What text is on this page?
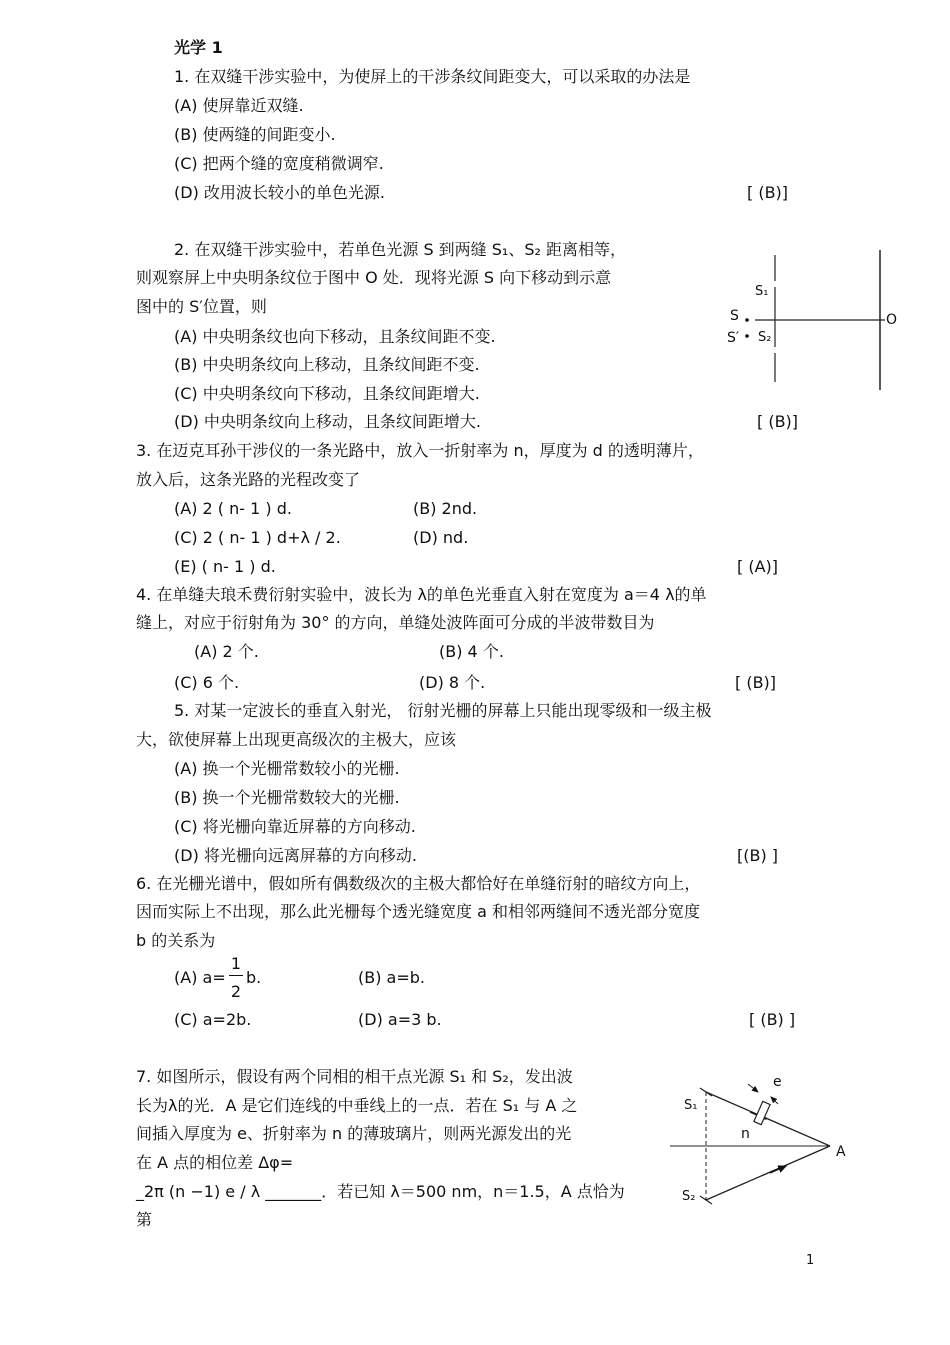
光学 1
1. 在双缝干涉实验中，为使屏上的干涉条纹间距变大，可以采取的办法是
(A) 使屏靠近双缝.
(B) 使两缝的间距变小.
(C) 把两个缝的宽度稍微调窄.
(D) 改用波长较小的单色光源.	[ (B)]
2. 在双缝干涉实验中，若单色光源 S 到两缝 S₁、S₂ 距离相等，
则观察屏上中央明条纹位于图中 O 处．现将光源 S 向下移动到示意
图中的 S′位置，则
(A) 中央明条纹也向下移动，且条纹间距不变.
(B) 中央明条纹向上移动，且条纹间距不变.
(C) 中央明条纹向下移动，且条纹间距增大.
(D) 中央明条纹向上移动，且条纹间距增大.	[ (B)]
S₁
S
S′ S₂
O
3. 在迈克耳孙干涉仪的一条光路中，放入一折射率为 n，厚度为 d 的透明薄片，
放入后，这条光路的光程改变了
(A) 2 ( n- 1 ) d.	(B) 2nd.
(C) 2 ( n- 1 ) d+λ / 2.	(D) nd.
(E) ( n- 1 ) d.	[ (A)]
4. 在单缝夫琅禾费衍射实验中，波长为 λ的单色光垂直入射在宽度为 a＝4 λ的单
缝上，对应于衍射角为 30° 的方向，单缝处波阵面可分成的半波带数目为
(A) 2 个.	(B) 4 个.
(C) 6 个.	(D) 8 个.	[ (B)]
5. 对某一定波长的垂直入射光， 衍射光栅的屏幕上只能出现零级和一级主极
大，欲使屏幕上出现更高级次的主极大，应该
(A) 换一个光栅常数较小的光栅.
(B) 换一个光栅常数较大的光栅.
(C) 将光栅向靠近屏幕的方向移动.
(D) 将光栅向远离屏幕的方向移动.	[(B) ]
6. 在光栅光谱中，假如所有偶数级次的主极大都恰好在单缝衍射的暗纹方向上，
因而实际上不出现，那么此光栅每个透光缝宽度 a 和相邻两缝间不透光部分宽度
b 的关系为
(A) a=
1
2
b.	(B) a=b.
(C) a=2b.	(D) a=3 b.	[ (B) ]
7. 如图所示，假设有两个同相的相干点光源 S₁ 和 S₂，发出波
长为λ的光．A 是它们连线的中垂线上的一点．若在 S₁ 与 A 之
间插入厚度为 e、折射率为 n 的薄玻璃片，则两光源发出的光
在 A 点的相位差 Δφ=
_2π (n −1) e / λ _______．若已知 λ＝500 nm，n＝1.5，A 点恰为
第
e
S₁
n
A
S₂
1
